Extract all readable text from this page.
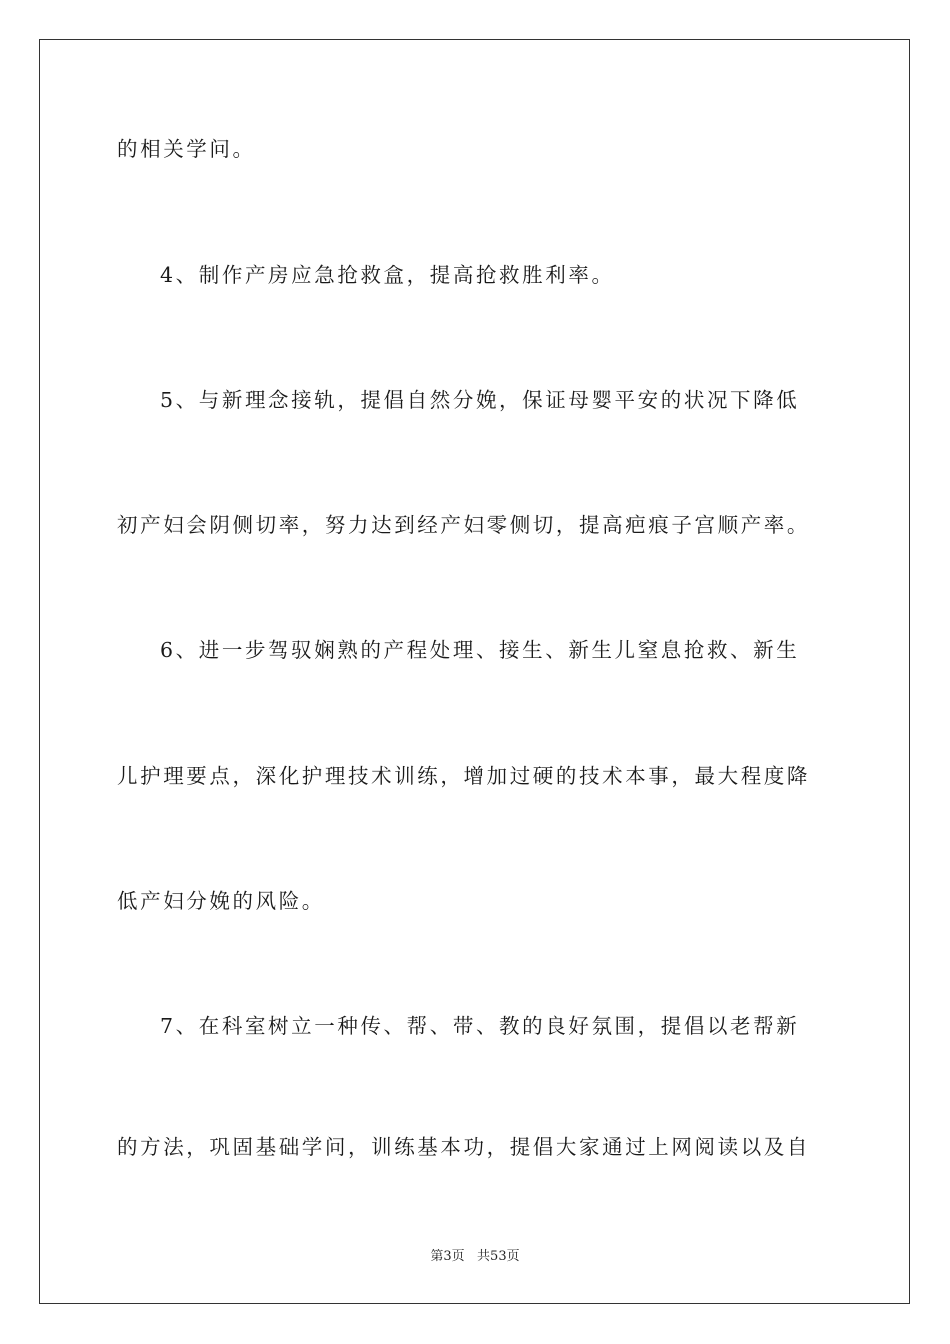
的相关学问。
4、制作产房应急抢救盒，提高抢救胜利率。
5、与新理念接轨，提倡自然分娩，保证母婴平安的状况下降低
初产妇会阴侧切率，努力达到经产妇零侧切，提高疤痕子宫顺产率。
6、进一步驾驭娴熟的产程处理、接生、新生儿窒息抢救、新生
儿护理要点，深化护理技术训练，增加过硬的技术本事，最大程度降
低产妇分娩的风险。
7、在科室树立一种传、帮、带、教的良好氛围，提倡以老帮新
的方法，巩固基础学问，训练基本功，提倡大家通过上网阅读以及自
第3页   共53页
